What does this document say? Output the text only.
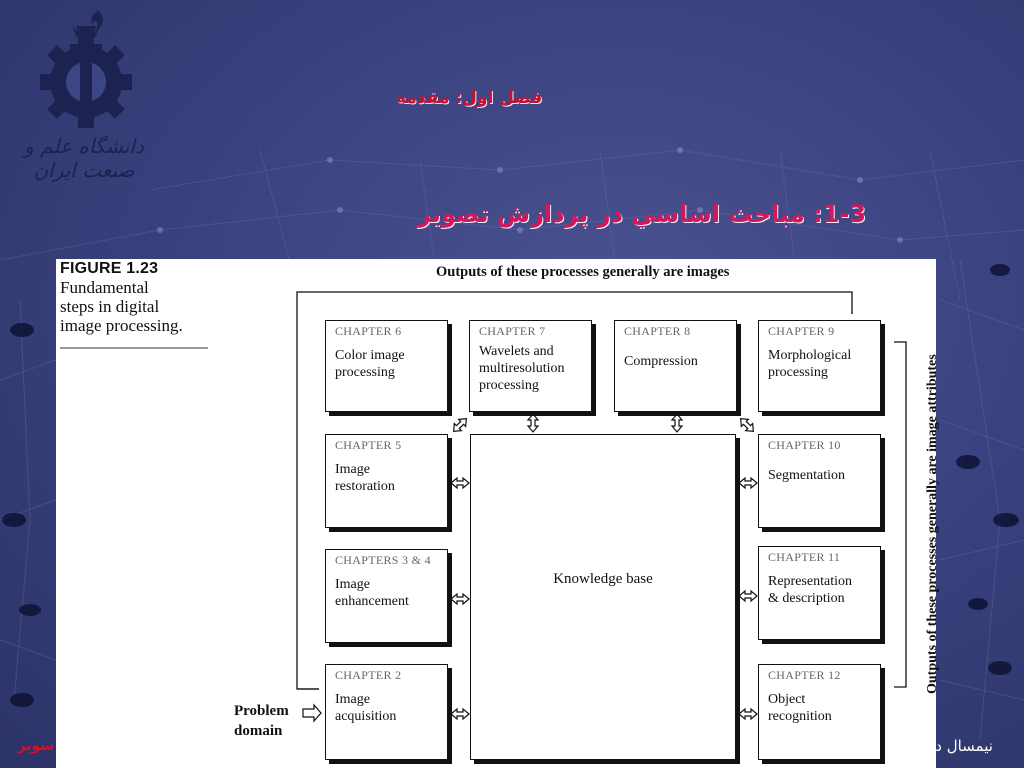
دانشگاه علم و صنعت ایران
فصل اول: مقدمه
1-3: مباحث اساسي در پردازش تصوير
FIGURE 1.23
Fundamental
steps in digital
image processing.
Outputs of these processes generally are images
Outputs of these processes generally are image attributes
Problem
domain
CHAPTER 6
Color image
processing
CHAPTER 7
Wavelets and
multiresolution
processing
CHAPTER 8
Compression
CHAPTER 9
Morphological
processing
CHAPTER 5
Image
restoration
CHAPTERS 3 & 4
Image
enhancement
CHAPTER 2
Image
acquisition
Knowledge base
CHAPTER 10
Segmentation
CHAPTER 11
Representation
& description
CHAPTER 12
Object
recognition
نیمسال دو
سوير
